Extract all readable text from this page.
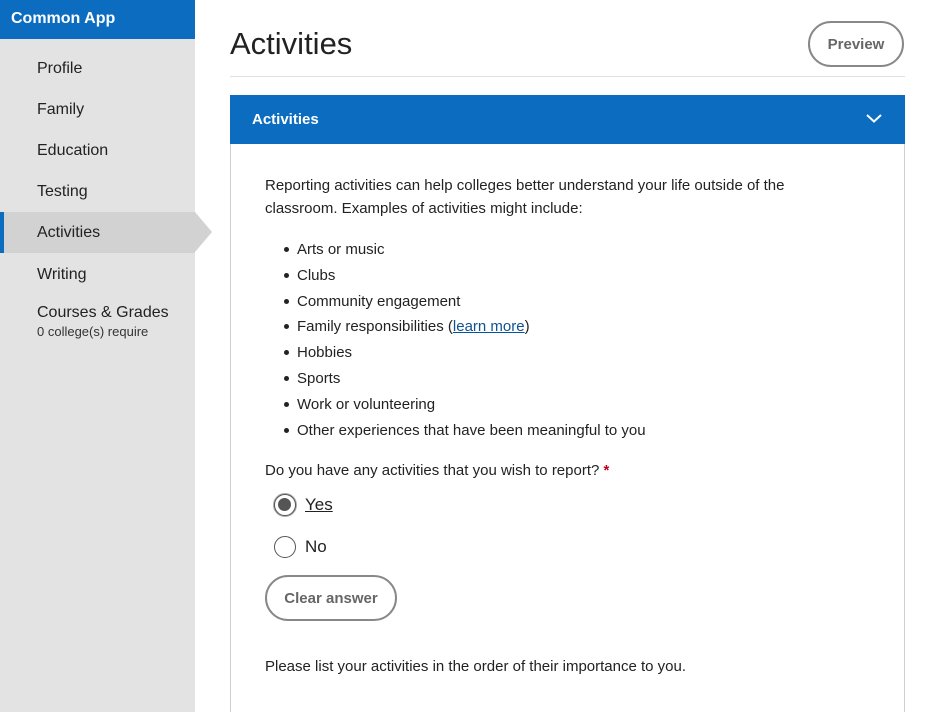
Common App
Profile
Family
Education
Testing
Activities
Writing
Courses & Grades
0 college(s) require
Activities	Preview
Activities

Reporting activities can help colleges better understand your life outside of the classroom. Examples of activities might include:

Arts or music
Clubs
Community engagement
Family responsibilities (learn more)
Hobbies
Sports
Work or volunteering
Other experiences that have been meaningful to you
Do you have any activities that you wish to report? *
Yes
No
Clear answer

Please list your activities in the order of their importance to you.
